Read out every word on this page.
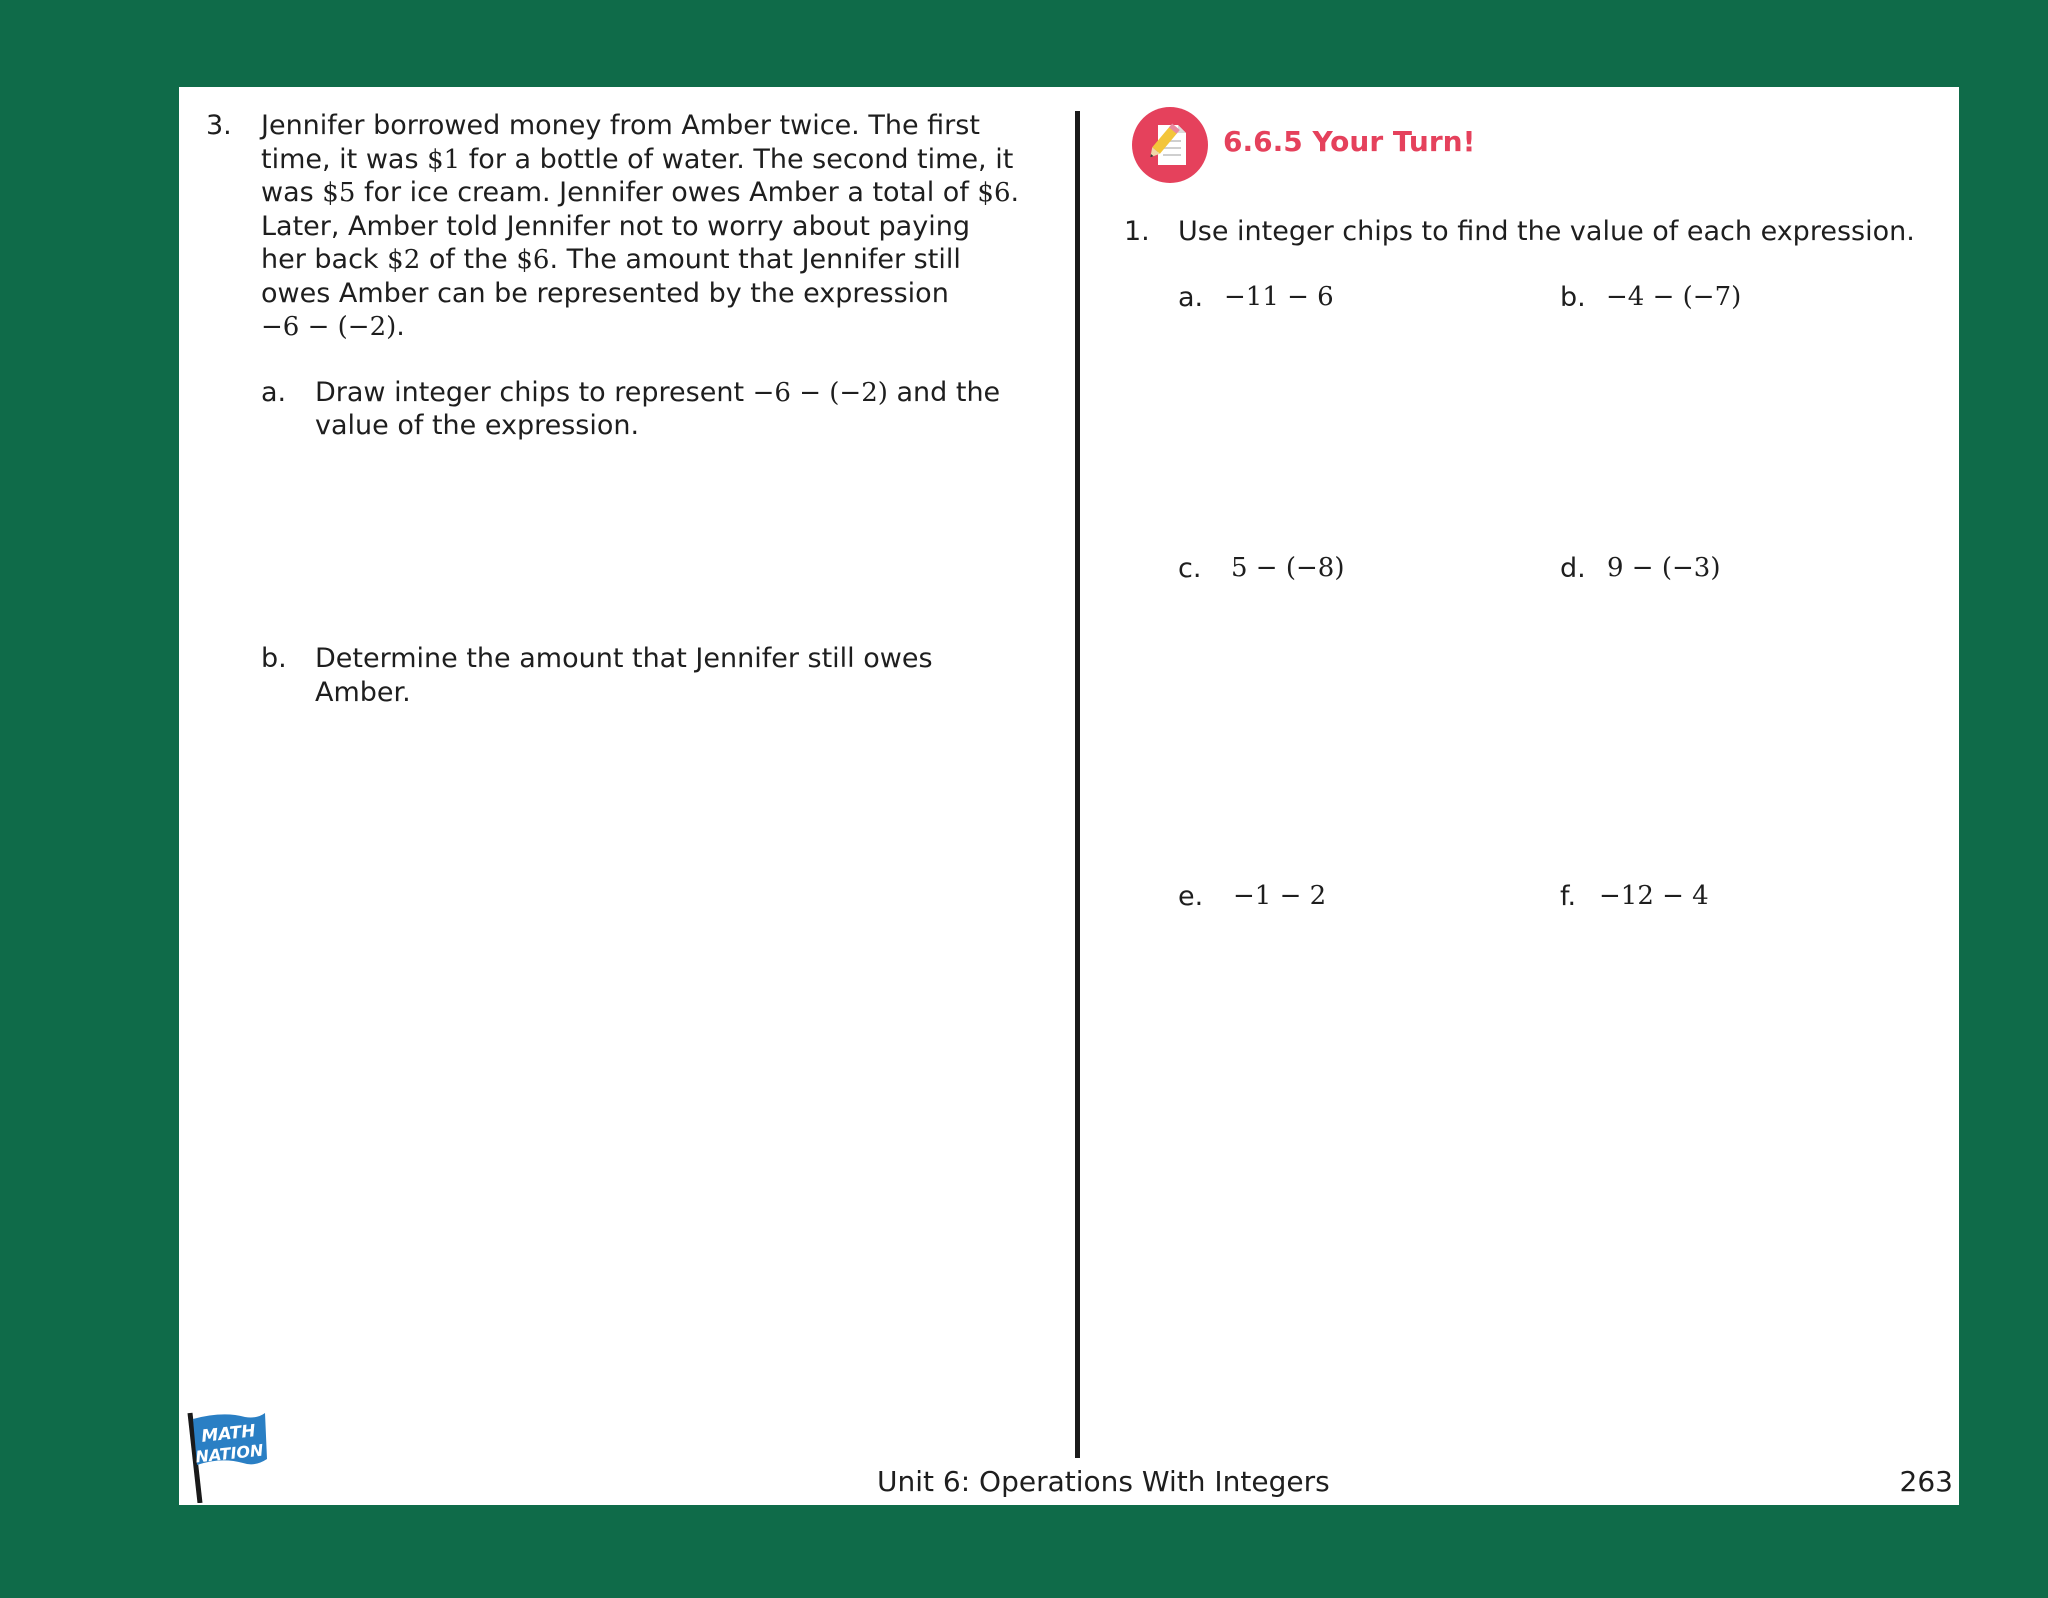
3. Jennifer borrowed money from Amber twice. The first
time, it was $1 for a bottle of water. The second time, it
was $5 for ice cream. Jennifer owes Amber a total of $6.
Later, Amber told Jennifer not to worry about paying
her back $2 of the $6. The amount that Jennifer still
owes Amber can be represented by the expression
−6 − (−2).
a. Draw integer chips to represent −6 − (−2) and the
value of the expression.
b. Determine the amount that Jennifer still owes
Amber.
6.6.5 Your Turn!
1. Use integer chips to find the value of each expression.
a. −11 − 6	b. −4 − (−7)
c. 5 − (−8)	d. 9 − (−3)
e. −1 − 2	f. −12 − 4
Unit 6: Operations With Integers	263
MATH
NATION
